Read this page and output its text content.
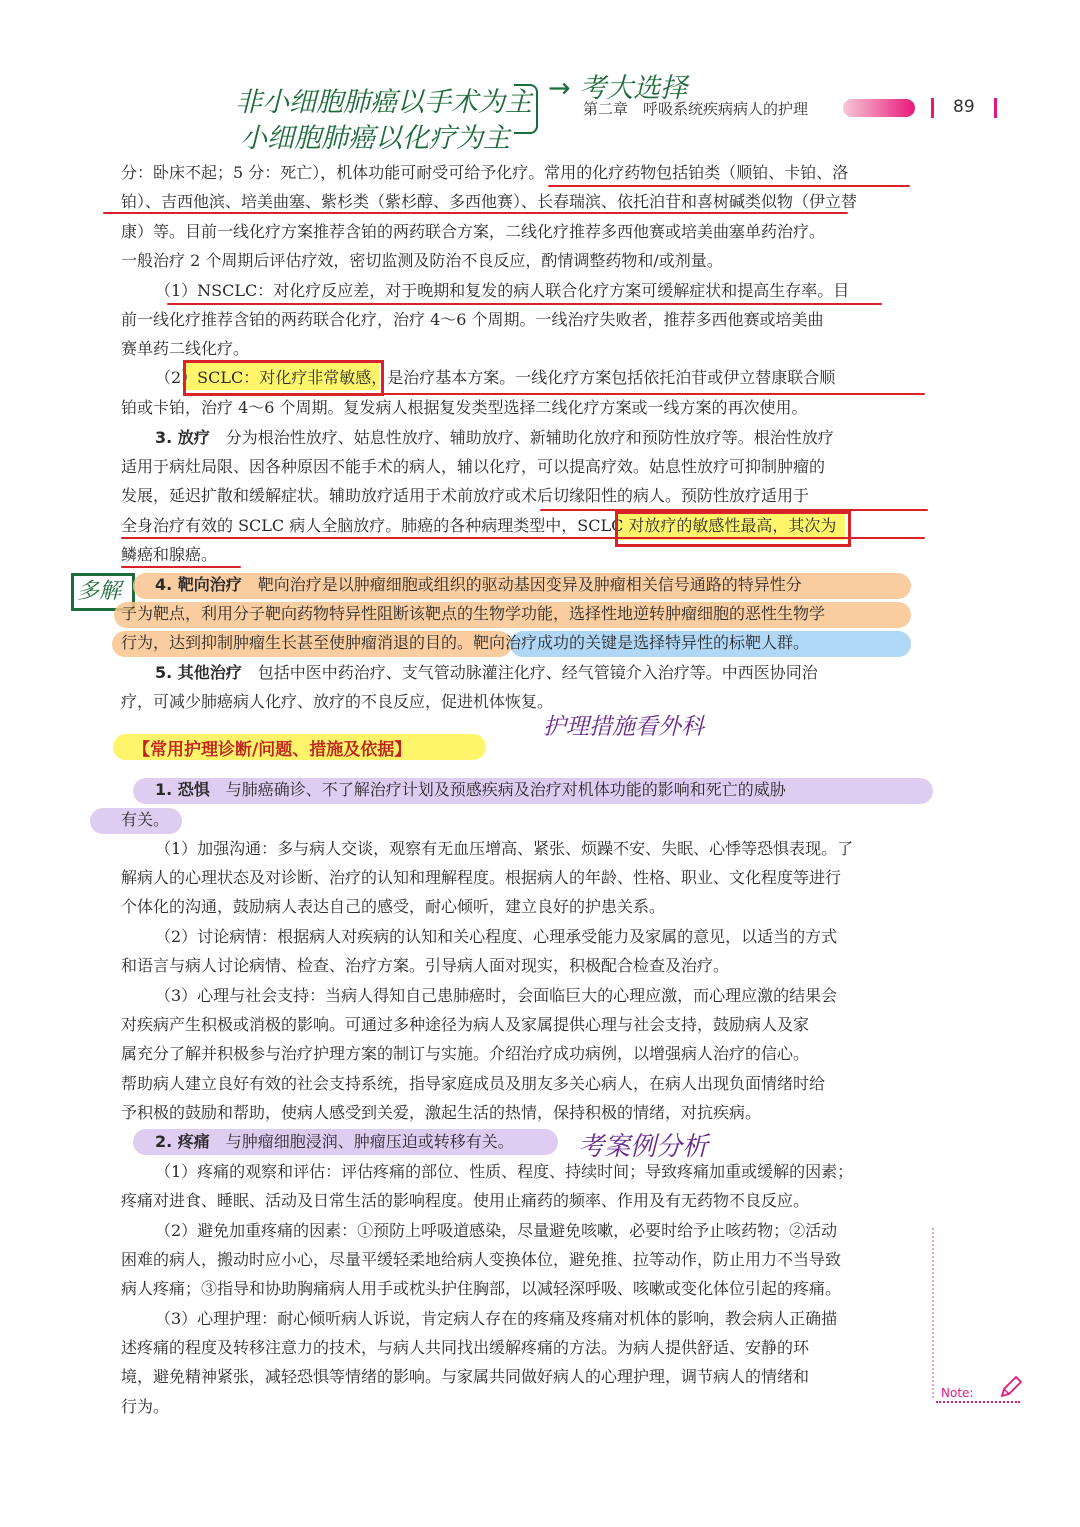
第二章　呼吸系统疾病病人的护理	89
非小细胞肺癌以手术为主
小细胞肺癌以化疗为主
→ 考大选择
多解
护理措施看外科
考案例分析
分：卧床不起；5 分：死亡），机体功能可耐受可给予化疗。常用的化疗药物包括铂类（顺铂、卡铂、洛
铂）、吉西他滨、培美曲塞、紫杉类（紫杉醇、多西他赛）、长春瑞滨、依托泊苷和喜树碱类似物（伊立替
康）等。目前一线化疗方案推荐含铂的两药联合方案，二线化疗推荐多西他赛或培美曲塞单药治疗。
一般治疗 2 个周期后评估疗效，密切监测及防治不良反应，酌情调整药物和/或剂量。
（1）NSCLC：对化疗反应差，对于晚期和复发的病人联合化疗方案可缓解症状和提高生存率。目
前一线化疗推荐含铂的两药联合化疗，治疗 4～6 个周期。一线治疗失败者，推荐多西他赛或培美曲
赛单药二线化疗。
（2）SCLC：对化疗非常敏感，是治疗基本方案。一线化疗方案包括依托泊苷或伊立替康联合顺
铂或卡铂，治疗 4～6 个周期。复发病人根据复发类型选择二线化疗方案或一线方案的再次使用。
3. 放疗　分为根治性放疗、姑息性放疗、辅助放疗、新辅助化放疗和预防性放疗等。根治性放疗
适用于病灶局限、因各种原因不能手术的病人，辅以化疗，可以提高疗效。姑息性放疗可抑制肿瘤的
发展，延迟扩散和缓解症状。辅助放疗适用于术前放疗或术后切缘阳性的病人。预防性放疗适用于
全身治疗有效的 SCLC 病人全脑放疗。肺癌的各种病理类型中，SCLC 对放疗的敏感性最高，其次为
鳞癌和腺癌。
4. 靶向治疗　靶向治疗是以肿瘤细胞或组织的驱动基因变异及肿瘤相关信号通路的特异性分
子为靶点，利用分子靶向药物特异性阻断该靶点的生物学功能，选择性地逆转肿瘤细胞的恶性生物学
行为，达到抑制肿瘤生长甚至使肿瘤消退的目的。靶向治疗成功的关键是选择特异性的标靶人群。
5. 其他治疗　包括中医中药治疗、支气管动脉灌注化疗、经气管镜介入治疗等。中西医协同治
疗，可减少肺癌病人化疗、放疗的不良反应，促进机体恢复。
【常用护理诊断/问题、措施及依据】
1. 恐惧　与肺癌确诊、不了解治疗计划及预感疾病及治疗对机体功能的影响和死亡的威胁
有关。
（1）加强沟通：多与病人交谈，观察有无血压增高、紧张、烦躁不安、失眠、心悸等恐惧表现。了
解病人的心理状态及对诊断、治疗的认知和理解程度。根据病人的年龄、性格、职业、文化程度等进行
个体化的沟通，鼓励病人表达自己的感受，耐心倾听，建立良好的护患关系。
（2）讨论病情：根据病人对疾病的认知和关心程度、心理承受能力及家属的意见，以适当的方式
和语言与病人讨论病情、检查、治疗方案。引导病人面对现实，积极配合检查及治疗。
（3）心理与社会支持：当病人得知自己患肺癌时，会面临巨大的心理应激，而心理应激的结果会
对疾病产生积极或消极的影响。可通过多种途径为病人及家属提供心理与社会支持，鼓励病人及家
属充分了解并积极参与治疗护理方案的制订与实施。介绍治疗成功病例，以增强病人治疗的信心。
帮助病人建立良好有效的社会支持系统，指导家庭成员及朋友多关心病人，在病人出现负面情绪时给
予积极的鼓励和帮助，使病人感受到关爱，激起生活的热情，保持积极的情绪，对抗疾病。
2. 疼痛　与肿瘤细胞浸润、肿瘤压迫或转移有关。
（1）疼痛的观察和评估：评估疼痛的部位、性质、程度、持续时间；导致疼痛加重或缓解的因素；
疼痛对进食、睡眠、活动及日常生活的影响程度。使用止痛药的频率、作用及有无药物不良反应。
（2）避免加重疼痛的因素：①预防上呼吸道感染，尽量避免咳嗽，必要时给予止咳药物；②活动
困难的病人，搬动时应小心，尽量平缓轻柔地给病人变换体位，避免推、拉等动作，防止用力不当导致
病人疼痛；③指导和协助胸痛病人用手或枕头护住胸部，以减轻深呼吸、咳嗽或变化体位引起的疼痛。
（3）心理护理：耐心倾听病人诉说，肯定病人存在的疼痛及疼痛对机体的影响，教会病人正确描
述疼痛的程度及转移注意力的技术，与病人共同找出缓解疼痛的方法。为病人提供舒适、安静的环
境，避免精神紧张，减轻恐惧等情绪的影响。与家属共同做好病人的心理护理，调节病人的情绪和
行为。
Note:
